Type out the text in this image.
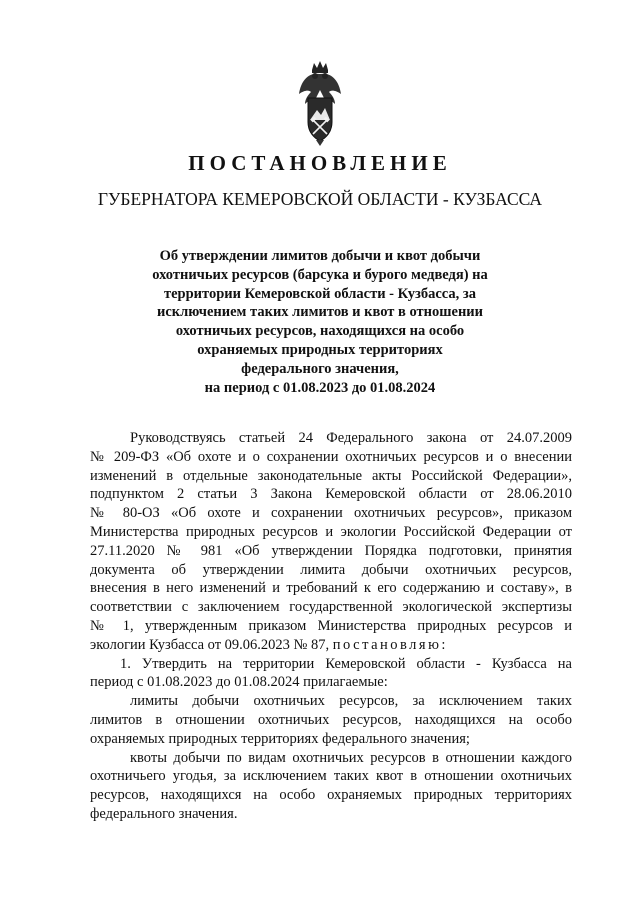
ПОСТАНОВЛЕНИЕ
ГУБЕРНАТОРА КЕМЕРОВСКОЙ ОБЛАСТИ - КУЗБАССА
Об утверждении лимитов добычи и квот добычи
охотничьих ресурсов (барсука и бурого медведя) на
территории Кемеровской области - Кузбасса, за
исключением таких лимитов и квот в отношении
охотничьих ресурсов, находящихся на особо
охраняемых природных территориях
федерального значения,
на период с 01.08.2023 до 01.08.2024
Руководствуясь статьей 24 Федерального закона от 24.07.2009
№ 209-ФЗ «Об охоте и о сохранении охотничьих ресурсов и о внесении
изменений в отдельные законодательные акты Российской Федерации»,
подпунктом 2 статьи 3 Закона Кемеровской области от 28.06.2010
№ 80-ОЗ «Об охоте и сохранении охотничьих ресурсов», приказом
Министерства природных ресурсов и экологии Российской Федерации от
27.11.2020 № 981 «Об утверждении Порядка подготовки, принятия
документа об утверждении лимита добычи охотничьих ресурсов,
внесения в него изменений и требований к его содержанию и составу», в
соответствии с заключением государственной экологической экспертизы
№ 1, утвержденным приказом Министерства природных ресурсов и
экологии Кузбасса от 09.06.2023 № 87, постановляю:
1. Утвердить на территории Кемеровской области - Кузбасса на
период с 01.08.2023 до 01.08.2024 прилагаемые:
лимиты добычи охотничьих ресурсов, за исключением таких
лимитов в отношении охотничьих ресурсов, находящихся на особо
охраняемых природных территориях федерального значения;
квоты добычи по видам охотничьих ресурсов в отношении каждого
охотничьего угодья, за исключением таких квот в отношении охотничьих
ресурсов, находящихся на особо охраняемых природных территориях
федерального значения.
